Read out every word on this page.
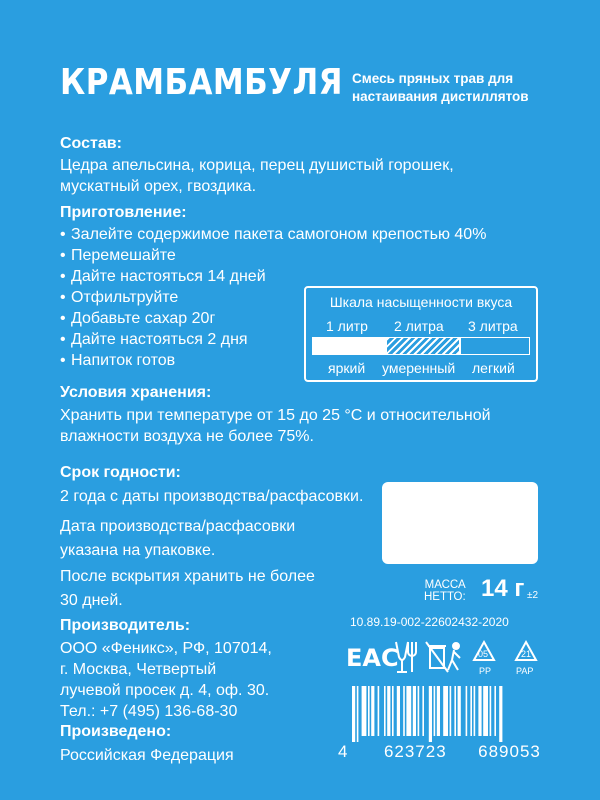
КРАМБАМБУЛЯ Смесь пряных трав для
настаивания дистиллятов
Состав:
Цедра апельсина, корица, перец душистый горошек,
мускатный орех, гвоздика.
Приготовление:
• Залейте содержимое пакета самогоном крепостью 40%
• Перемешайте
• Дайте настояться 14 дней
• Отфильтруйте
• Добавьте сахар 20г
• Дайте настояться 2 дня
• Напиток готов
Шкала насыщенности вкуса
1 литр 2 литра 3 литра
яркий умеренный легкий
Условия хранения:
Хранить при температуре от 15 до 25 °С и относительной
влажности воздуха не более 75%.
Срок годности:
2 года с даты производства/расфасовки.
Дата производства/расфасовки
указана на упаковке.
После вскрытия хранить не более
30 дней.
МАССА
НЕТТО: 14 г ±2
10.89.19-002-22602432-2020
Производитель:
ООО «Феникс», РФ, 107014,
г. Москва, Четвертый
лучевой просек д. 4, оф. 30.
Тел.: +7 (495) 136-68-30
Произведено:
Российская Федерация
ЕАС	05
PP
21
PAP
4 623723 689053
